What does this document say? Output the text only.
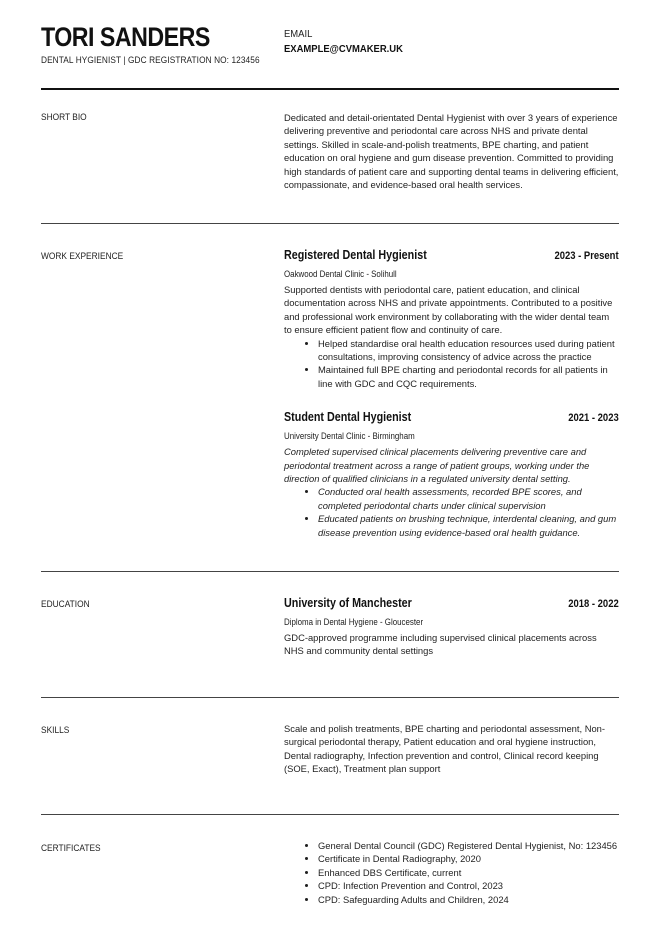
TORI SANDERS
DENTAL HYGIENIST | GDC REGISTRATION NO: 123456
EMAIL
EXAMPLE@CVMAKER.UK
SHORT BIO	Dedicated and detail-orientated Dental Hygienist with over 3 years of experience delivering preventive and periodontal care across NHS and private dental settings. Skilled in scale-and-polish treatments, BPE charting, and patient education on oral hygiene and gum disease prevention. Committed to providing high standards of patient care and supporting dental teams in delivering efficient, compassionate, and evidence-based oral health services.

WORK EXPERIENCE	Registered Dental Hygienist	2023 - Present
Oakwood Dental Clinic - Solihull

Supported dentists with periodontal care, patient education, and clinical documentation across NHS and private appointments. Contributed to a positive and professional work environment by collaborating with the wider dental team to ensure efficient patient flow and continuity of care.

• Helped standardise oral health education resources used during patient consultations, improving consistency of advice across the practice
• Maintained full BPE charting and periodontal records for all patients in line with GDC and CQC requirements.
Student Dental Hygienist	2021 - 2023
University Dental Clinic - Birmingham

Completed supervised clinical placements delivering preventive care and periodontal treatment across a range of patient groups, working under the direction of qualified clinicians in a regulated university dental setting.

• Conducted oral health assessments, recorded BPE scores, and completed periodontal charts under clinical supervision
• Educated patients on brushing technique, interdental cleaning, and gum disease prevention using evidence-based oral health guidance.
EDUCATION	University of Manchester	2018 - 2022
Diploma in Dental Hygiene - Gloucester

GDC-approved programme including supervised clinical placements across NHS and community dental settings

SKILLS	Scale and polish treatments, BPE charting and periodontal assessment, Non-surgical periodontal therapy, Patient education and oral hygiene instruction, Dental radiography, Infection prevention and control, Clinical record keeping (SOE, Exact), Treatment plan support

CERTIFICATES
•	General Dental Council (GDC) Registered Dental Hygienist, No: 123456
• Certificate in Dental Radiography, 2020
• Enhanced DBS Certificate, current
• CPD: Infection Prevention and Control, 2023
• CPD: Safeguarding Adults and Children, 2024
